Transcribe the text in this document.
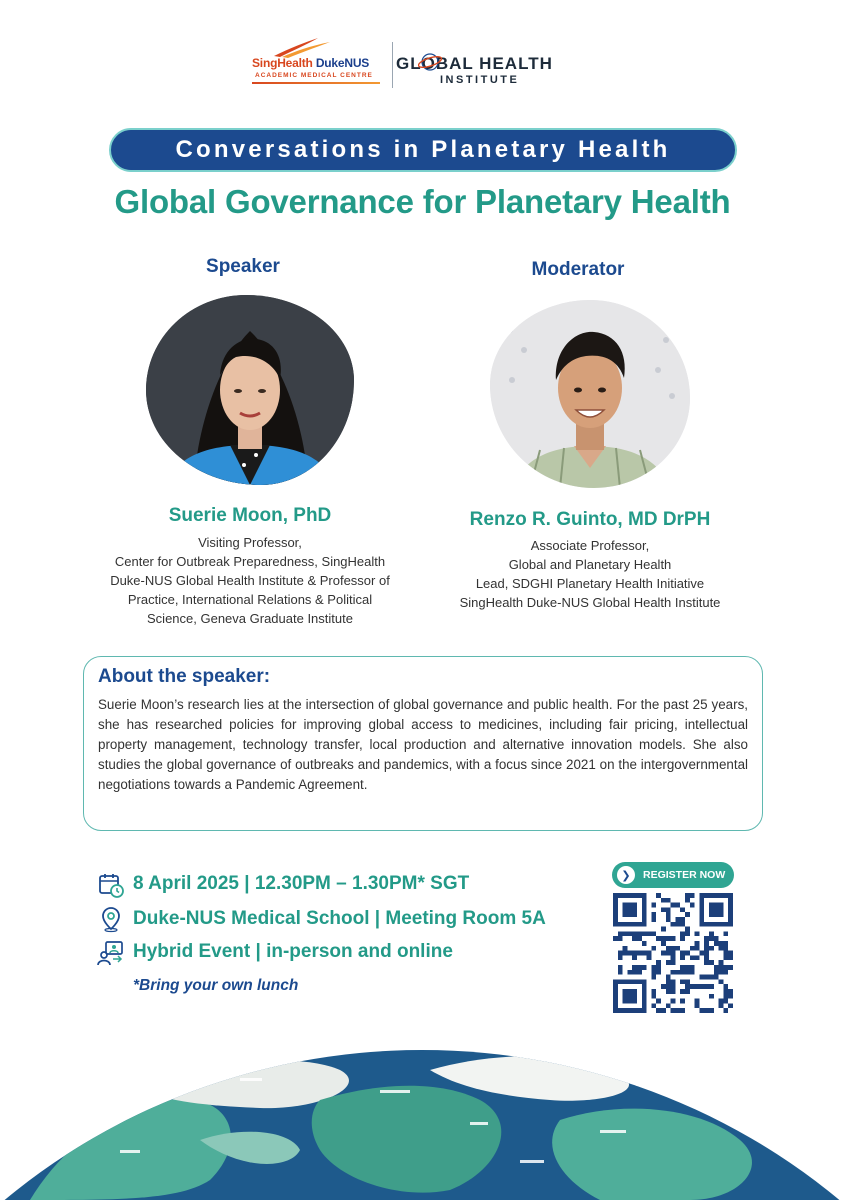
SingHealth DukeNUS
ACADEMIC MEDICAL CENTRE
GLOBAL HEALTH
INSTITUTE
Conversations in Planetary Health
Global Governance for Planetary Health
Speaker
Suerie Moon, PhD
Visiting Professor,
Center for Outbreak Preparedness, SingHealth
Duke-NUS Global Health Institute & Professor of
Practice, International Relations & Political
Science, Geneva Graduate Institute
Moderator
Renzo R. Guinto, MD DrPH
Associate Professor,
Global and Planetary Health
Lead, SDGHI Planetary Health Initiative
SingHealth Duke-NUS Global Health Institute
About the speaker:
Suerie Moon’s research lies at the intersection of global governance and public health. For the past 25 years, she has researched policies for improving global access to medicines, including fair pricing, intellectual property management, technology transfer, local production and alternative innovation models. She also studies the global governance of outbreaks and pandemics, with a focus since 2021 on the intergovernmental negotiations towards a Pandemic Agreement.
8 April 2025 | 12.30PM – 1.30PM* SGT
Duke-NUS Medical School | Meeting Room 5A
Hybrid Event | in-person and online
*Bring your own lunch
❯	REGISTER NOW
